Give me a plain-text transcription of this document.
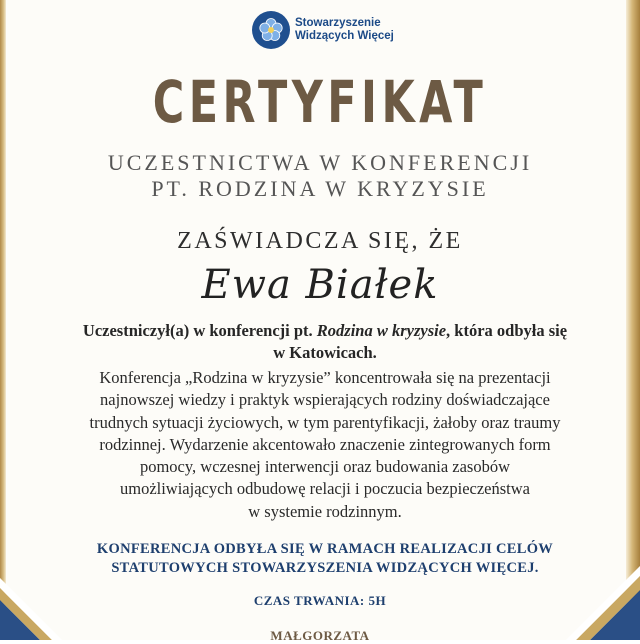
Stowarzyszenie
Widzących Więcej
CERTYFIKAT
UCZESTNICTWA W KONFERENCJI
PT. RODZINA W KRYZYSIE
ZAŚWIADCZA SIĘ, ŻE
Ewa Białek
Uczestniczył(a) w konferencji pt. Rodzina w kryzysie, która odbyła się
w Katowicach.
Konferencja „Rodzina w kryzysie” koncentrowała się na prezentacji
najnowszej wiedzy i praktyk wspierających rodziny doświadczające
trudnych sytuacji życiowych, w tym parentyfikacji, żałoby oraz traumy
rodzinnej. Wydarzenie akcentowało znaczenie zintegrowanych form
pomocy, wczesnej interwencji oraz budowania zasobów
umożliwiających odbudowę relacji i poczucia bezpieczeństwa
w systemie rodzinnym.
KONFERENCJA ODBYŁA SIĘ W RAMACH REALIZACJI CELÓW
STATUTOWYCH STOWARZYSZENIA WIDZĄCYCH WIĘCEJ.
CZAS TRWANIA: 5H
MAŁGORZATA
